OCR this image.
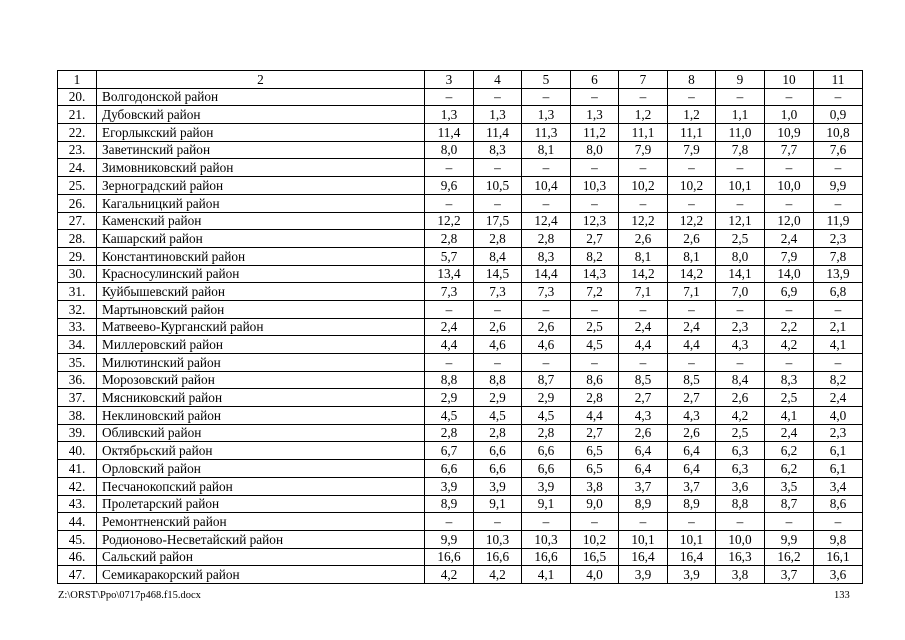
1	2	3	4	5	6	7	8	9	10	11
20.	Волгодонской район	–	–	–	–	–	–	–	–	–
21.	Дубовский район	1,3	1,3	1,3	1,3	1,2	1,2	1,1	1,0	0,9
22.	Егорлыкский район	11,4	11,4	11,3	11,2	11,1	11,1	11,0	10,9	10,8
23.	Заветинский район	8,0	8,3	8,1	8,0	7,9	7,9	7,8	7,7	7,6
24.	Зимовниковский район	–	–	–	–	–	–	–	–	–
25.	Зерноградский район	9,6	10,5	10,4	10,3	10,2	10,2	10,1	10,0	9,9
26.	Кагальницкий район	–	–	–	–	–	–	–	–	–
27.	Каменский район	12,2	17,5	12,4	12,3	12,2	12,2	12,1	12,0	11,9
28.	Кашарский район	2,8	2,8	2,8	2,7	2,6	2,6	2,5	2,4	2,3
29.	Константиновский район	5,7	8,4	8,3	8,2	8,1	8,1	8,0	7,9	7,8
30.	Красносулинский район	13,4	14,5	14,4	14,3	14,2	14,2	14,1	14,0	13,9
31.	Куйбышевский район	7,3	7,3	7,3	7,2	7,1	7,1	7,0	6,9	6,8
32.	Мартыновский район	–	–	–	–	–	–	–	–	–
33.	Матвеево-Курганский район	2,4	2,6	2,6	2,5	2,4	2,4	2,3	2,2	2,1
34.	Миллеровский район	4,4	4,6	4,6	4,5	4,4	4,4	4,3	4,2	4,1
35.	Милютинский район	–	–	–	–	–	–	–	–	–
36.	Морозовский район	8,8	8,8	8,7	8,6	8,5	8,5	8,4	8,3	8,2
37.	Мясниковский район	2,9	2,9	2,9	2,8	2,7	2,7	2,6	2,5	2,4
38.	Неклиновский район	4,5	4,5	4,5	4,4	4,3	4,3	4,2	4,1	4,0
39.	Обливский район	2,8	2,8	2,8	2,7	2,6	2,6	2,5	2,4	2,3
40.	Октябрьский район	6,7	6,6	6,6	6,5	6,4	6,4	6,3	6,2	6,1
41.	Орловский район	6,6	6,6	6,6	6,5	6,4	6,4	6,3	6,2	6,1
42.	Песчанокопский район	3,9	3,9	3,9	3,8	3,7	3,7	3,6	3,5	3,4
43.	Пролетарский район	8,9	9,1	9,1	9,0	8,9	8,9	8,8	8,7	8,6
44.	Ремонтненский район	–	–	–	–	–	–	–	–	–
45.	Родионово-Несветайский район	9,9	10,3	10,3	10,2	10,1	10,1	10,0	9,9	9,8
46.	Сальский район	16,6	16,6	16,6	16,5	16,4	16,4	16,3	16,2	16,1
47.	Семикаракорский район	4,2	4,2	4,1	4,0	3,9	3,9	3,8	3,7	3,6
Z:\ORST\Ppo\0717p468.f15.docx	133
